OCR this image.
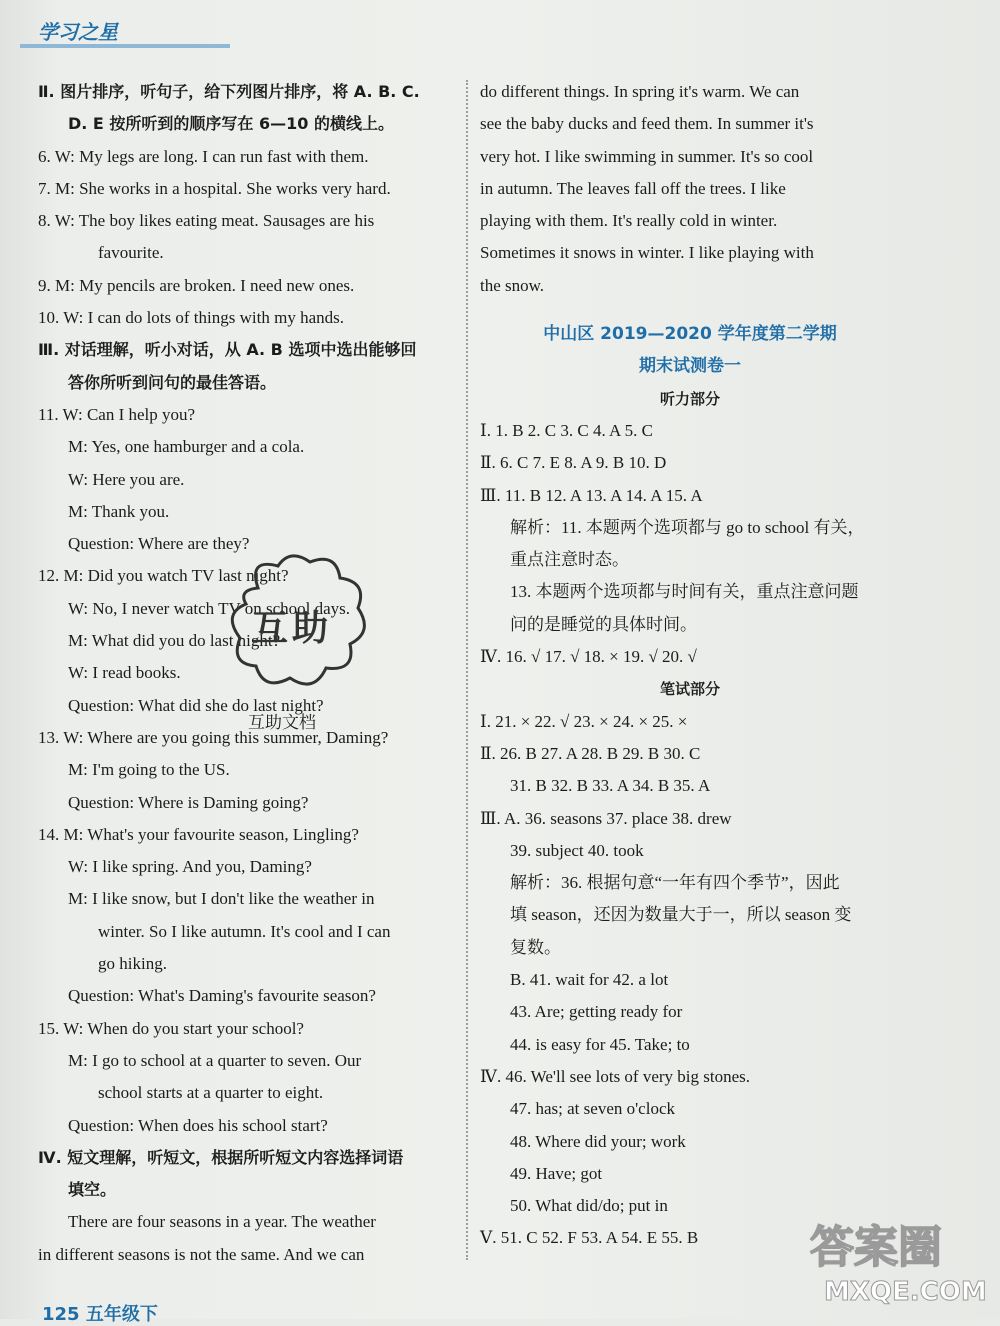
学习之星
Ⅱ. 图片排序，听句子，给下列图片排序，将 A. B. C.
D. E 按所听到的顺序写在 6—10 的横线上。
6. W: My legs are long. I can run fast with them.
7. M: She works in a hospital. She works very hard.
8. W: The boy likes eating meat. Sausages are his
favourite.
9. M: My pencils are broken. I need new ones.
10. W: I can do lots of things with my hands.
Ⅲ. 对话理解，听小对话，从 A. B 选项中选出能够回
答你所听到问句的最佳答语。
11. W: Can I help you?
M: Yes, one hamburger and a cola.
W: Here you are.
M: Thank you.
Question: Where are they?
12. M: Did you watch TV last night?
W: No, I never watch TV on school days.
M: What did you do last night?
W: I read books.
Question: What did she do last night?
13. W: Where are you going this summer, Daming?
M: I'm going to the US.
Question: Where is Daming going?
14. M: What's your favourite season, Lingling?
W: I like spring. And you, Daming?
M: I like snow, but I don't like the weather in
winter. So I like autumn. It's cool and I can
go hiking.
Question: What's Daming's favourite season?
15. W: When do you start your school?
M: I go to school at a quarter to seven. Our
school starts at a quarter to eight.
Question: When does his school start?
Ⅳ. 短文理解，听短文，根据所听短文内容选择词语
填空。
There are four seasons in a year. The weather
in different seasons is not the same. And we can
do different things. In spring it's warm. We can
see the baby ducks and feed them. In summer it's
very hot. I like swimming in summer. It's so cool
in autumn. The leaves fall off the trees. I like
playing with them. It's really cold in winter.
Sometimes it snows in winter. I like playing with
the snow.
中山区 2019—2020 学年度第二学期
期末试测卷一
听力部分
Ⅰ. 1. B 2. C 3. C 4. A 5. C
Ⅱ. 6. C 7. E 8. A 9. B 10. D
Ⅲ. 11. B 12. A 13. A 14. A 15. A
解析：11. 本题两个选项都与 go to school 有关，
重点注意时态。
13. 本题两个选项都与时间有关，重点注意问题
问的是睡觉的具体时间。
Ⅳ. 16. √ 17. √ 18. × 19. √ 20. √
笔试部分
Ⅰ. 21. × 22. √ 23. × 24. × 25. ×
Ⅱ. 26. B 27. A 28. B 29. B 30. C
31. B 32. B 33. A 34. B 35. A
Ⅲ. A. 36. seasons 37. place 38. drew
39. subject 40. took
解析：36. 根据句意“一年有四个季节”，因此
填 season，还因为数量大于一，所以 season 变
复数。
B. 41. wait for 42. a lot
43. Are; getting ready for
44. is easy for 45. Take; to
Ⅳ. 46. We'll see lots of very big stones.
47. has; at seven o'clock
48. Where did your; work
49. Have; got
50. What did/do; put in
Ⅴ. 51. C 52. F 53. A 54. E 55. B
互助
互助文档
答案圈
MXQE.COM
125 五年级下
